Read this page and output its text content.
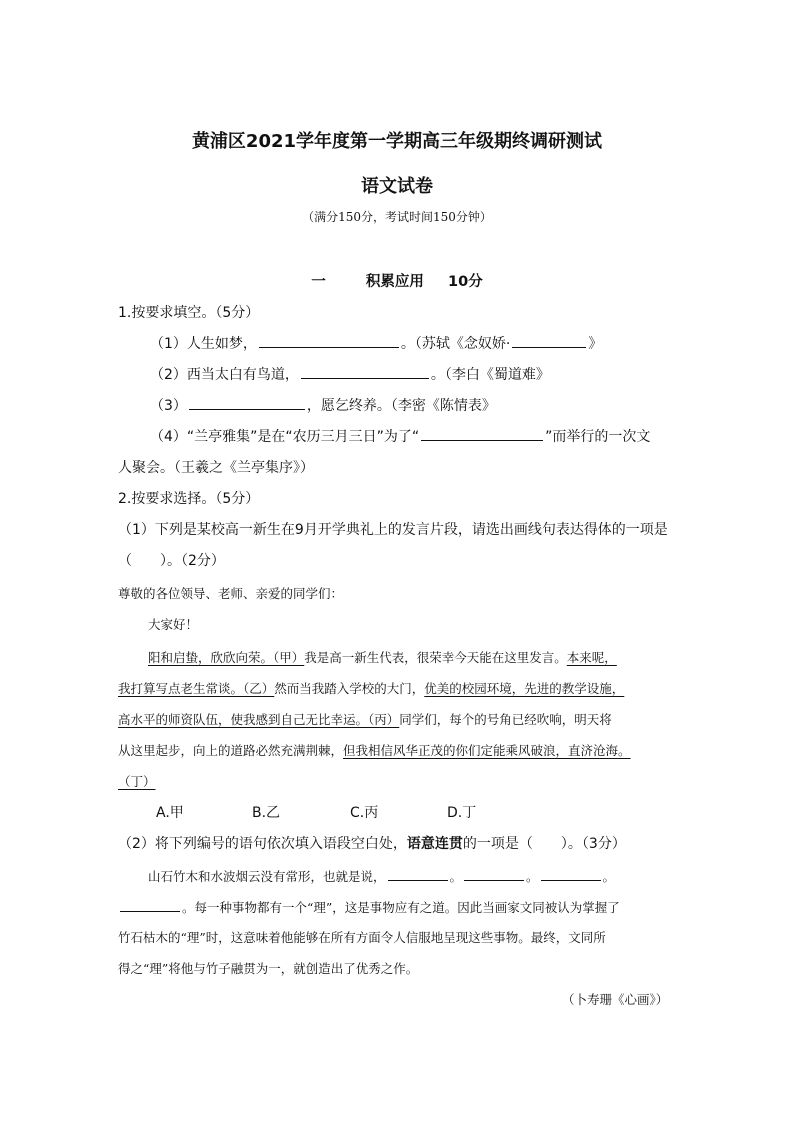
黄浦区2021学年度第一学期高三年级期终调研测试
语文试卷
（满分150分，考试时间150分钟）
一	积累应用 10分
1.按要求填空。（5分）
（1）人生如梦，	。（苏轼《念奴娇·	》
（2）西当太白有鸟道，	。（李白《蜀道难》
（3）	，愿乞终养。（李密《陈情表》
（4）“兰亭雅集”是在“农历三月三日”为了“	”而举行的一次文
人聚会。（王羲之《兰亭集序》）
2.按要求选择。（5分）
（1）下列是某校高一新生在9月开学典礼上的发言片段，请选出画线句表达得体的一项是
（　　）。（2分）
尊敬的各位领导、老师、亲爱的同学们：
大家好！
阳和启蛰，欣欣向荣。（甲）我是高一新生代表，很荣幸今天能在这里发言。本来呢，
我打算写点老生常谈。（乙）然而当我踏入学校的大门，优美的校园环境，先进的教学设施，
高水平的师资队伍，使我感到自己无比幸运。（丙）同学们，每个的号角已经吹响，明天将
从这里起步，向上的道路必然充满荆棘，但我相信风华正茂的你们定能乘风破浪，直济沧海。
（丁）
A.甲	B.乙	C.丙	D.丁
（2）将下列编号的语句依次填入语段空白处，语意连贯的一项是（　　）。（3分）
山石竹木和水波烟云没有常形，也就是说，	。	。	。
。每一种事物都有一个“理”，这是事物应有之道。因此当画家文同被认为掌握了
竹石枯木的“理”时，这意味着他能够在所有方面令人信服地呈现这些事物。最终，文同所
得之“理”将他与竹子融贯为一，就创造出了优秀之作。
（卜寿珊《心画》）
